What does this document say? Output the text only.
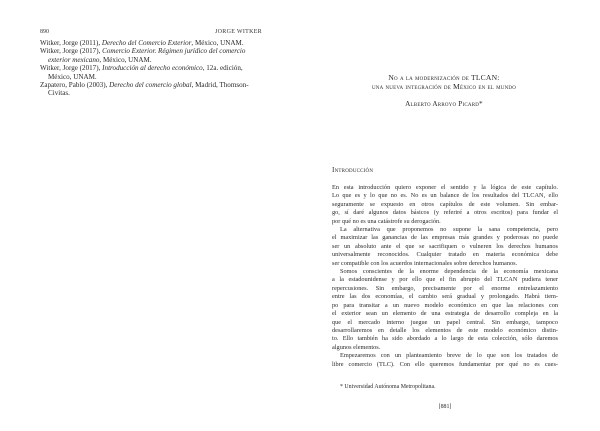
890	JORGE WITKER

Witker, Jorge (2011), Derecho del Comercio Exterior, México, UNAM.

Witker, Jorge (2017), Comercio Exterior. Régimen jurídico del comercio exterior mexicano, México, UNAM.

Witker, Jorge (2017), Introducción al derecho económico, 12a. edición, México, UNAM.

Zapatero, Pablo (2003), Derecho del comercio global, Madrid, Thomson-Civitas.

No a la modernización de TLCAN:
una nueva integración de México en el mundo
Alberto Arroyo Picard*
Introducción
En esta introducción quiero exponer el sentido y la lógica de este capítulo.
Lo que es y lo que no es. No es un balance de los resultados del TLCAN, ello
seguramente se expuesto en otros capítulos de este volumen. Sin embar-
go, sí daré algunos datos básicos (y referiré a otros escritos) para fundar el
por qué no es una catástrofe su derogación.
La alternativa que proponemos no supone la sana competencia, pero
el maximizar las ganancias de las empresas más grandes y poderosas no puede
ser un absoluto ante el que se sacrifiquen o vulneren los derechos humanos
universalmente reconocidos. Cualquier tratado en materia económica debe
ser compatible con los acuerdos internacionales sobre derechos humanos.
Somos conscientes de la enorme dependencia de la economía mexicana
a la estadounidense y por ello que el fin abrupto del TLCAN pudiera tener
repercusiones. Sin embargo, precisamente por el enorme entrelazamiento
entre las dos economías, el cambio será gradual y prolongado. Habrá tiem-
po para transitar a un nuevo modelo económico en que las relaciones con
el exterior sean un elemento de una estrategia de desarrollo compleja en la
que el mercado interno juegue un papel central. Sin embargo, tampoco
desarrollaremos en detalle los elementos de este modelo económico distin-
to. Ello también ha sido abordado a lo largo de esta colección, sólo daremos
algunos elementos.
Empezaremos con un planteamiento breve de lo que son los tratados de
libre comercio (TLC). Con ello queremos fundamentar por qué no es cues-
* Universidad Autónoma Metropolitana.
[881]
